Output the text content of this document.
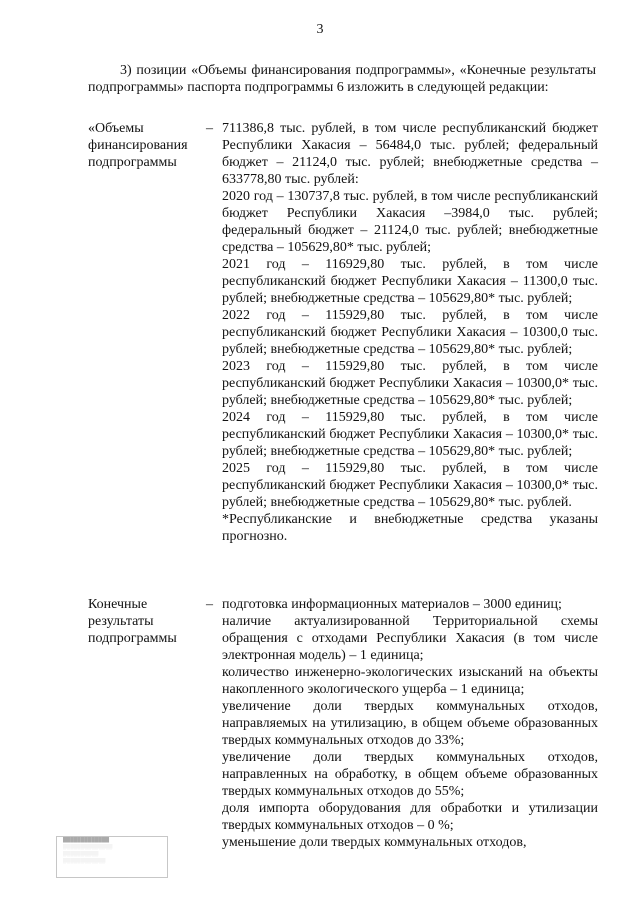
3
3) позиции «Объемы финансирования подпрограммы», «Конечные результаты подпрограммы» паспорта подпрограммы 6 изложить в следующей редакции:
«Объемы финансирования подпрограммы
– 711386,8 тыс. рублей, в том числе республиканский бюджет Республики Хакасия – 56484,0 тыс. рублей; федеральный бюджет – 21124,0 тыс. рублей; внебюджетные средства – 633778,80 тыс. рублей:

2020 год – 130737,8 тыс. рублей, в том числе республиканский бюджет Республики Хакасия –3984,0 тыс. рублей; федеральный бюджет – 21124,0 тыс. рублей; внебюджетные средства – 105629,80* тыс. рублей;

2021 год – 116929,80 тыс. рублей, в том числе республиканский бюджет Республики Хакасия – 11300,0 тыс. рублей; внебюджетные средства – 105629,80* тыс. рублей;

2022 год – 115929,80 тыс. рублей, в том числе республиканский бюджет Республики Хакасия – 10300,0 тыс. рублей; внебюджетные средства – 105629,80* тыс. рублей;

2023 год – 115929,80 тыс. рублей, в том числе республиканский бюджет Республики Хакасия – 10300,0* тыс. рублей; внебюджетные средства – 105629,80* тыс. рублей;

2024 год – 115929,80 тыс. рублей, в том числе республиканский бюджет Республики Хакасия – 10300,0* тыс. рублей; внебюджетные средства – 105629,80* тыс. рублей;

2025 год – 115929,80 тыс. рублей, в том числе республиканский бюджет Республики Хакасия – 10300,0* тыс. рублей; внебюджетные средства – 105629,80* тыс. рублей.

*Республиканские и внебюджетные средства указаны прогнозно.

Конечные результаты подпрограммы
– подготовка информационных материалов – 3000 единиц;

наличие актуализированной Территориальной схемы обращения с отходами Республики Хакасия (в том числе электронная модель) – 1 единица;

количество инженерно-экологических изысканий на объекты накопленного экологического ущерба – 1 единица;

увеличение доли твердых коммунальных отходов, направляемых на утилизацию, в общем объеме образованных твердых коммунальных отходов до 33%;

увеличение доли твердых коммунальных отходов, направленных на обработку, в общем объеме образованных твердых коммунальных отходов до 55%;

доля импорта оборудования для обработки и утилизации твердых коммунальных отходов – 0 %;

уменьшение доли твердых коммунальных отходов,

█████████████
░░░░░░░░░░░░░░
░░░░░░░░░░
░░░░░░░░░░░░
